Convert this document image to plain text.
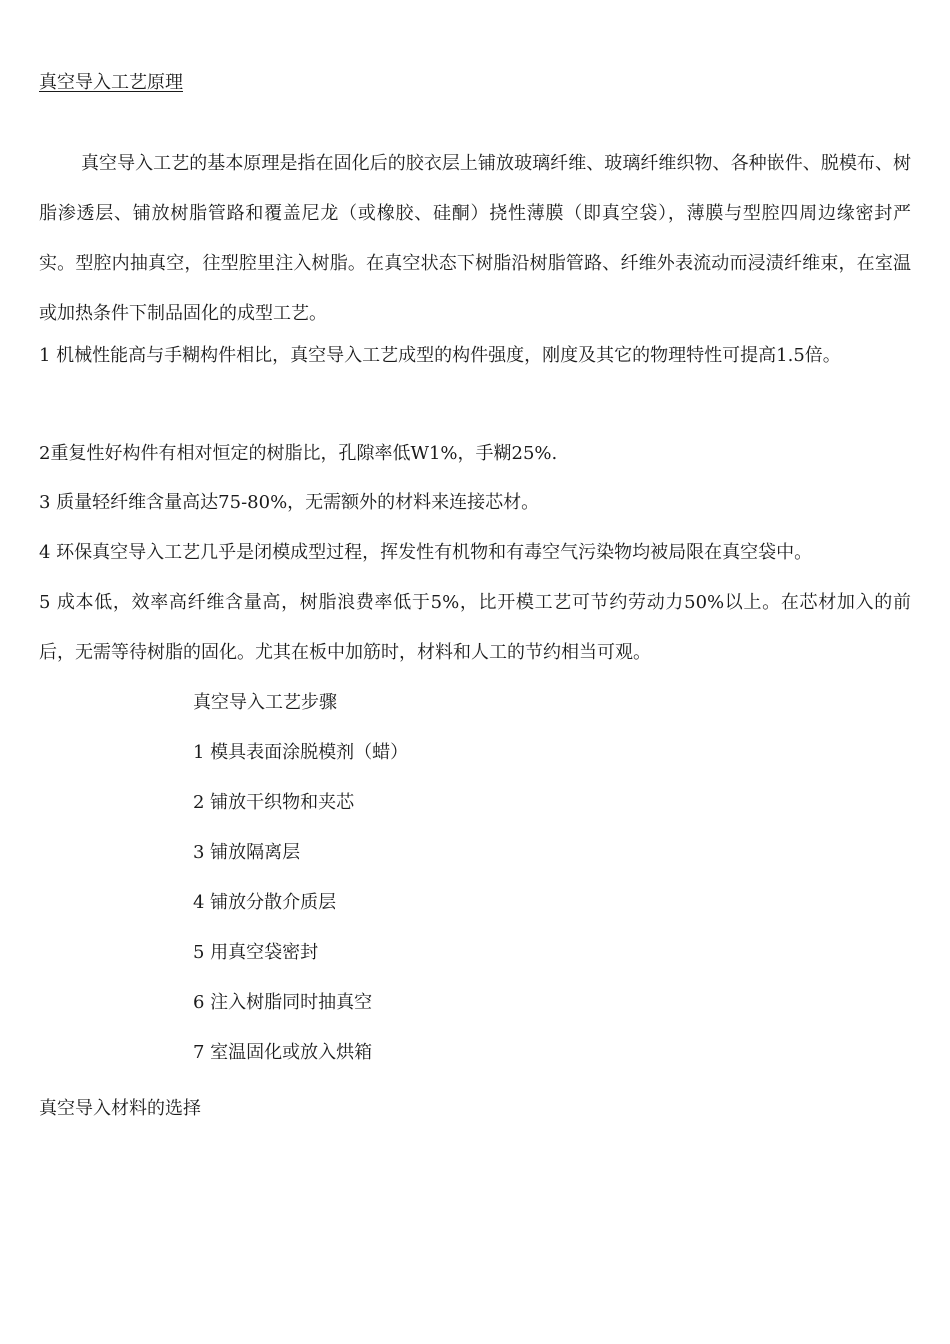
真空导入工艺原理

真空导入工艺的基本原理是指在固化后的胶衣层上铺放玻璃纤维、玻璃纤维织物、各种嵌件、脱模布、树脂渗透层、铺放树脂管路和覆盖尼龙（或橡胶、硅酮）挠性薄膜（即真空袋），薄膜与型腔四周边缘密封严实。型腔内抽真空，往型腔里注入树脂。在真空状态下树脂沿树脂管路、纤维外表流动而浸渍纤维束，在室温或加热条件下制品固化的成型工艺。

1 机械性能高与手糊构件相比，真空导入工艺成型的构件强度，刚度及其它的物理特性可提高1.5倍。

2重复性好构件有相对恒定的树脂比，孔隙率低W1%，手糊25%.

3 质量轻纤维含量高达75-80%，无需额外的材料来连接芯材。

4 环保真空导入工艺几乎是闭模成型过程，挥发性有机物和有毒空气污染物均被局限在真空袋中。

5 成本低，效率高纤维含量高，树脂浪费率低于5%，比开模工艺可节约劳动力50%以上。在芯材加入的前后，无需等待树脂的固化。尤其在板中加筋时，材料和人工的节约相当可观。

真空导入工艺步骤
1 模具表面涂脱模剂（蜡）
2 铺放干织物和夹芯
3 铺放隔离层
4 铺放分散介质层
5 用真空袋密封
6 注入树脂同时抽真空
7 室温固化或放入烘箱
真空导入材料的选择
